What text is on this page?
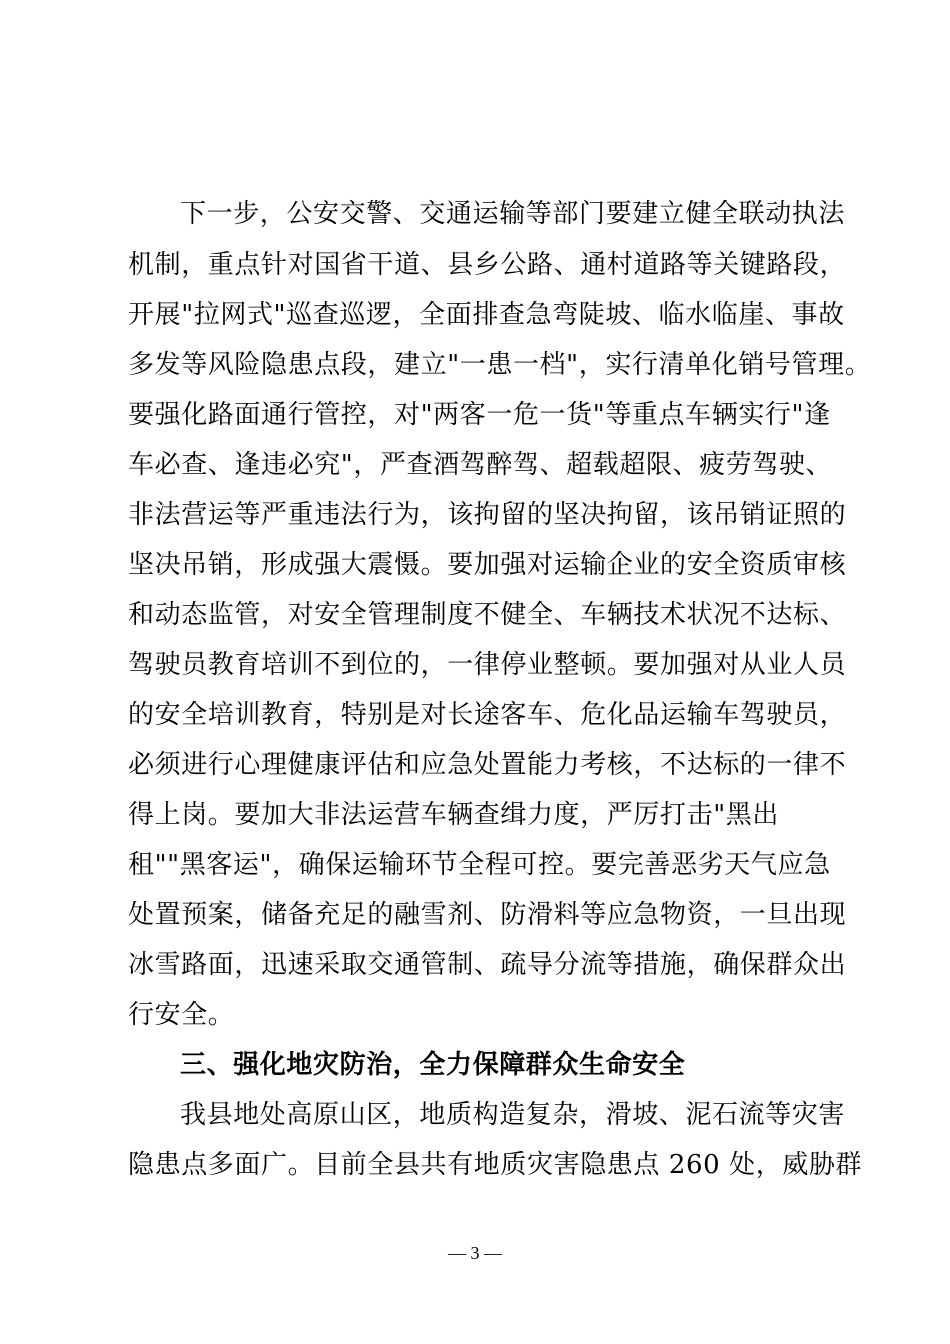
下一步，公安交警、交通运输等部门要建立健全联动执法
机制，重点针对国省干道、县乡公路、通村道路等关键路段，
开展"拉网式"巡查巡逻，全面排查急弯陡坡、临水临崖、事故
多发等风险隐患点段，建立"一患一档"，实行清单化销号管理。
要强化路面通行管控，对"两客一危一货"等重点车辆实行"逢
车必查、逢违必究"，严查酒驾醉驾、超载超限、疲劳驾驶、
非法营运等严重违法行为，该拘留的坚决拘留，该吊销证照的
坚决吊销，形成强大震慑。要加强对运输企业的安全资质审核
和动态监管，对安全管理制度不健全、车辆技术状况不达标、
驾驶员教育培训不到位的，一律停业整顿。要加强对从业人员
的安全培训教育，特别是对长途客车、危化品运输车驾驶员，
必须进行心理健康评估和应急处置能力考核，不达标的一律不
得上岗。要加大非法运营车辆查缉力度，严厉打击"黑出
租""黑客运"，确保运输环节全程可控。要完善恶劣天气应急
处置预案，储备充足的融雪剂、防滑料等应急物资，一旦出现
冰雪路面，迅速采取交通管制、疏导分流等措施，确保群众出
行安全。
三、强化地灾防治，全力保障群众生命安全
我县地处高原山区，地质构造复杂，滑坡、泥石流等灾害
隐患点多面广。目前全县共有地质灾害隐患点 260 处，威胁群
— 3 —
